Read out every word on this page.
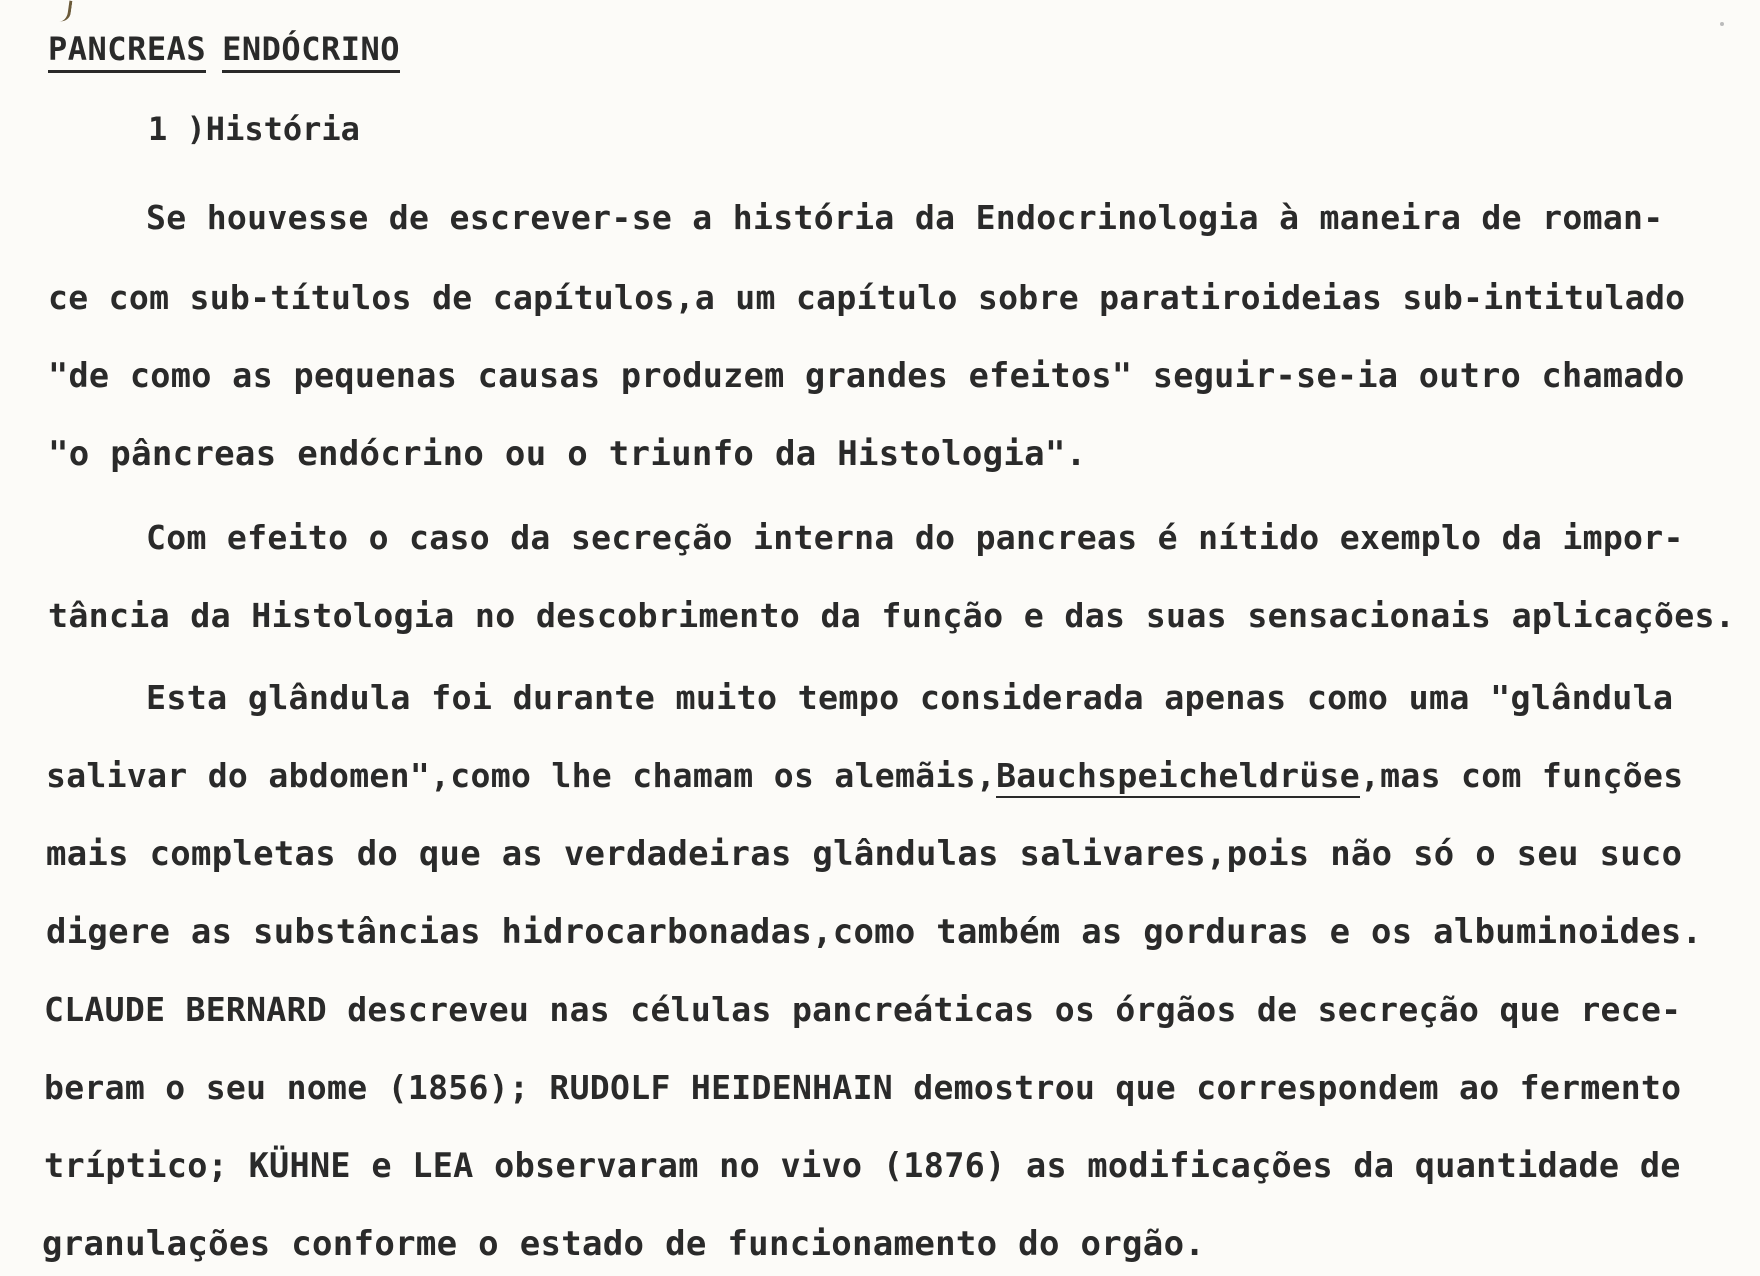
PANCREAS ENDÓCRINO
1 )História
Se houvesse de escrever-se a história da Endocrinologia à maneira de roman-
ce com sub-títulos de capítulos,a um capítulo sobre paratiroideias sub-intitulado
"de como as pequenas causas produzem grandes efeitos" seguir-se-ia outro chamado
"o pâncreas endócrino ou o triunfo da Histologia".
Com efeito o caso da secreção interna do pancreas é nítido exemplo da impor-
tância da Histologia no descobrimento da função e das suas sensacionais aplicações.
Esta glândula foi durante muito tempo considerada apenas como uma "glândula
salivar do abdomen",como lhe chamam os alemãis,Bauchspeicheldrüse,mas com funções
mais completas do que as verdadeiras glândulas salivares,pois não só o seu suco
digere as substâncias hidrocarbonadas,como também as gorduras e os albuminoides.
CLAUDE BERNARD descreveu nas células pancreáticas os órgãos de secreção que rece-
beram o seu nome (1856); RUDOLF HEIDENHAIN demostrou que correspondem ao fermento
tríptico; KÜHNE e LEA observaram no vivo (1876) as modificações da quantidade de
granulações conforme o estado de funcionamento do orgão.
